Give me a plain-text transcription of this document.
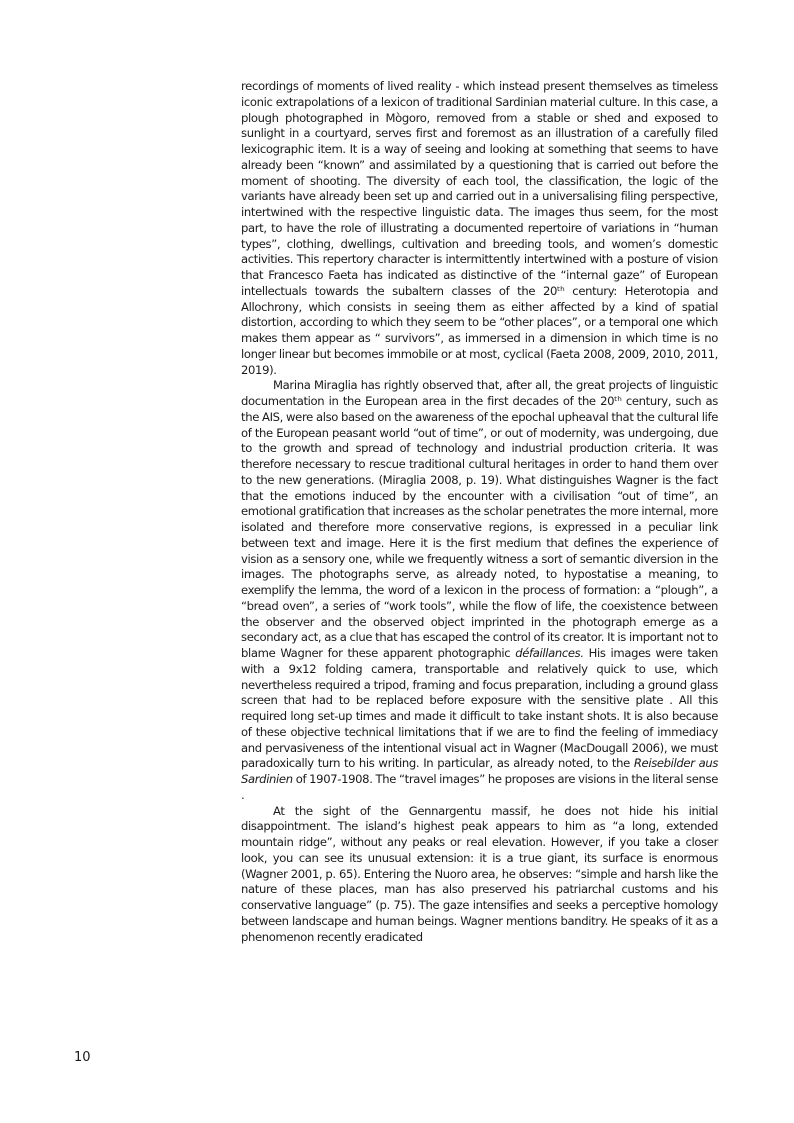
recordings of moments of lived reality - which instead present themselves as timeless iconic extrapolations of a lexicon of traditional Sardinian material culture. In this case, a plough photographed in Mògoro, removed from a stable or shed and exposed to sunlight in a courtyard, serves first and foremost as an illustration of a carefully filed lexicographic item. It is a way of seeing and looking at something that seems to have already been “known” and assimilated by a questioning that is carried out before the moment of shooting. The diversity of each tool, the classification, the logic of the variants have already been set up and carried out in a universalising filing perspective, intertwined with the respective linguistic data. The images thus seem, for the most part, to have the role of illustrating a documented repertoire of variations in “human types”, clothing, dwellings, cultivation and breeding tools, and women’s domestic activities. This repertory character is intermittently intertwined with a posture of vision that Francesco Faeta has indicated as distinctive of the “internal gaze” of European intellectuals towards the subaltern classes of the 20ᵗʰ century: Heterotopia and Allochrony, which consists in seeing them as either affected by a kind of spatial distortion, according to which they seem to be “other places”, or a temporal one which makes them appear as “ survivors”, as immersed in a dimension in which time is no longer linear but becomes immobile or at most, cyclical (Faeta 2008, 2009, 2010, 2011, 2019).

Marina Miraglia has rightly observed that, after all, the great projects of linguistic documentation in the European area in the first decades of the 20ᵗʰ century, such as the AIS, were also based on the awareness of the epochal upheaval that the cultural life of the European peasant world “out of time”, or out of modernity, was undergoing, due to the growth and spread of technology and industrial production criteria. It was therefore necessary to rescue traditional cultural heritages in order to hand them over to the new generations. (Miraglia 2008, p. 19). What distinguishes Wagner is the fact that the emotions induced by the encounter with a civilisation “out of time”, an emotional gratification that increases as the scholar penetrates the more internal, more isolated and therefore more conservative regions, is expressed in a peculiar link between text and image. Here it is the first medium that defines the experience of vision as a sensory one, while we frequently witness a sort of semantic diversion in the images. The photographs serve, as already noted, to hypostatise a meaning, to exemplify the lemma, the word of a lexicon in the process of formation: a “plough”, a “bread oven”, a series of “work tools”, while the flow of life, the coexistence between the observer and the observed object imprinted in the photograph emerge as a secondary act, as a clue that has escaped the control of its creator. It is important not to blame Wagner for these apparent photographic défaillances. His images were taken with a 9x12 folding camera, transportable and relatively quick to use, which nevertheless required a tripod, framing and focus preparation, including a ground glass screen that had to be replaced before exposure with the sensitive plate . All this required long set-up times and made it difficult to take instant shots. It is also because of these objective technical limitations that if we are to find the feeling of immediacy and pervasiveness of the intentional visual act in Wagner (MacDougall 2006), we must paradoxically turn to his writing. In particular, as already noted, to the Reisebilder aus Sardinien of 1907-1908. The “travel images” he proposes are visions in the literal sense .

At the sight of the Gennargentu massif, he does not hide his initial disappointment. The island’s highest peak appears to him as “a long, extended mountain ridge”, without any peaks or real elevation. However, if you take a closer look, you can see its unusual extension: it is a true giant, its surface is enormous (Wagner 2001, p. 65). Entering the Nuoro area, he observes: “simple and harsh like the nature of these places, man has also preserved his patriarchal customs and his conservative language” (p. 75). The gaze intensifies and seeks a perceptive homology between landscape and human beings. Wagner mentions banditry. He speaks of it as a phenomenon recently eradicated

10
